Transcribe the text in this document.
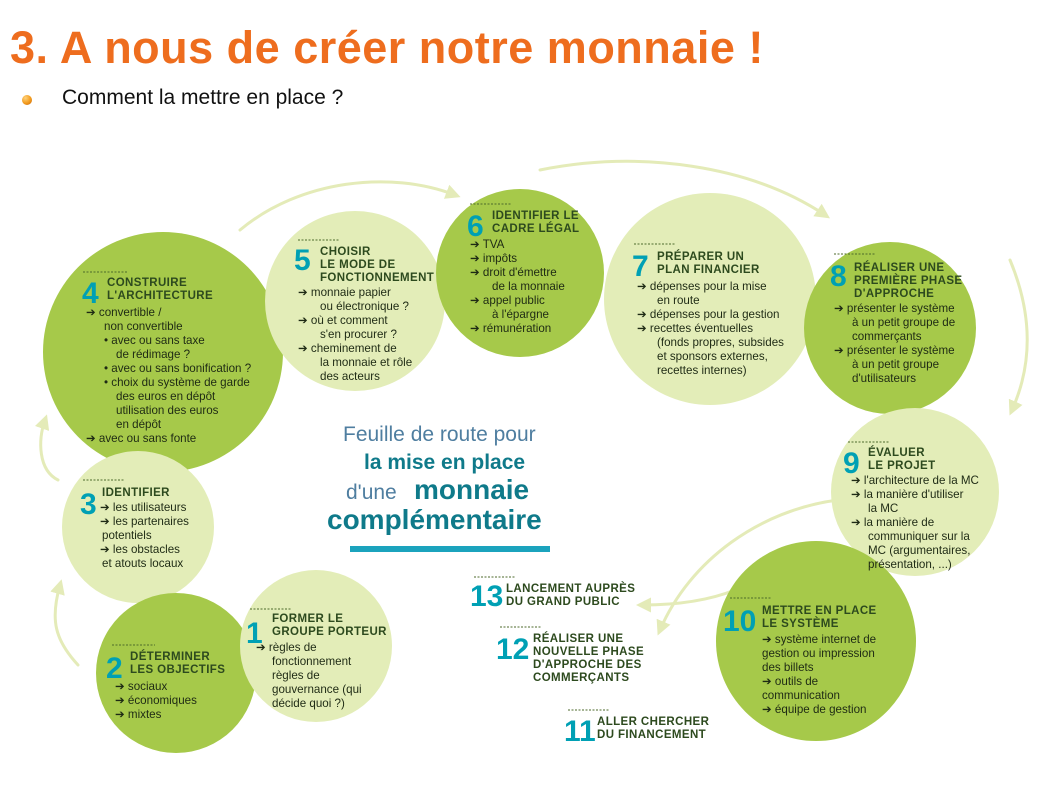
3. A nous de créer notre monnaie !
Comment la mettre en place ?
4 CONSTRUIRE
L'ARCHITECTURE
➔ convertible /
non convertible
• avec ou sans taxe
de rédimage ?
• avec ou sans bonification ?
• choix du système de garde
des euros en dépôt
utilisation des euros
en dépôt
➔ avec ou sans fonte
3 IDENTIFIER
➔ les utilisateurs
➔ les partenaires
potentiels
➔ les obstacles
et atouts locaux
2 DÉTERMINER
LES OBJECTIFS
➔ sociaux
➔ économiques
➔ mixtes
1 FORMER LE
GROUPE PORTEUR
➔ règles de
fonctionnement
règles de
gouvernance (qui
décide quoi ?)
5 CHOISIR
LE MODE DE
FONCTIONNEMENT
➔ monnaie papier
ou électronique ?
➔ où et comment
s'en procurer ?
➔ cheminement de
la monnaie et rôle
des acteurs
6 IDENTIFIER LE
CADRE LÉGAL
➔ TVA
➔ impôts
➔ droit d'émettre
de la monnaie
➔ appel public
à l'épargne
➔ rémunération
7 PRÉPARER UN
PLAN FINANCIER
➔ dépenses pour la mise
en route
➔ dépenses pour la gestion
➔ recettes éventuelles
(fonds propres, subsides
et sponsors externes,
recettes internes)
8 RÉALISER UNE
PREMIÈRE PHASE
D'APPROCHE
➔ présenter le système
à un petit groupe de
commerçants
➔ présenter le système
à un petit groupe
d'utilisateurs
9 ÉVALUER
LE PROJET
➔ l'architecture de la MC
➔ la manière d'utiliser
la MC
➔ la manière de
communiquer sur la
MC (argumentaires,
présentation, ...)
10 METTRE EN PLACE
LE SYSTÈME
➔ système internet de
gestion ou impression
des billets
➔ outils de
communication
➔ équipe de gestion
13 LANCEMENT AUPRÈS
DU GRAND PUBLIC
12 RÉALISER UNE
NOUVELLE PHASE
D'APPROCHE DES
COMMERÇANTS
11 ALLER CHERCHER
DU FINANCEMENT
Feuille de route pour
la mise en place
d'une monnaie
complémentaire
